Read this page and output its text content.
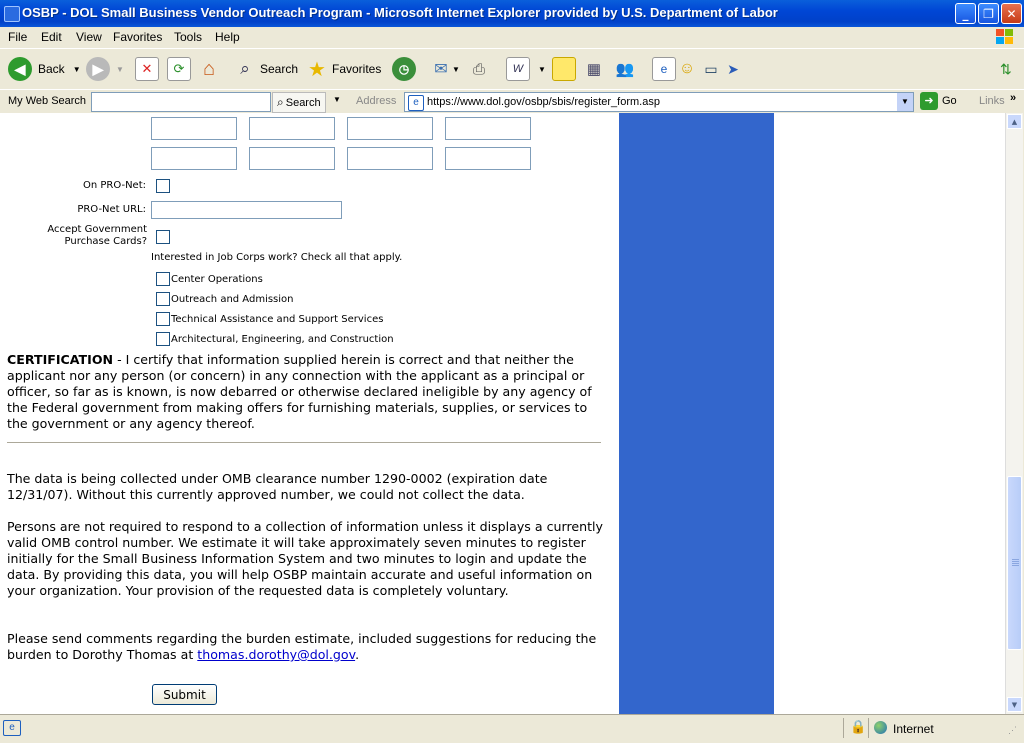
OSBP - DOL Small Business Vendor Outreach Program - Microsoft Internet Explorer provided by U.S. Department of Labor	_	❐	✕
File Edit View Favorites Tools Help
◀	Back ▼ ▶	▼	✕	⟳ ⌂	⌕ Search ★ Favorites	◷	✉ ▼ ⎙	W	▼	▦ 👥	e ☺ ▭ ➤	⇅
My Web Search	⌕ Search ▼ Address	e https://www.dol.gov/osbp/sbis/register_form.asp	▼	➜ Go Links »
On PRO-Net:
PRO-Net URL:
Accept Government
Purchase Cards?
Interested in Job Corps work? Check all that apply.
Center Operations
Outreach and Admission
Technical Assistance and Support Services
Architectural, Engineering, and Construction
CERTIFICATION - I certify that information supplied herein is correct and that neither the applicant nor any person (or concern) in any connection with the applicant as a principal or officer, so far as is known, is now debarred or otherwise declared ineligible by any agency of the Federal government from making offers for furnishing materials, supplies, or services to the government or any agency thereof.
The data is being collected under OMB clearance number 1290-0002 (expiration date 12/31/07). Without this currently approved number, we could not collect the data.
Persons are not required to respond to a collection of information unless it displays a currently valid OMB control number. We estimate it will take approximately seven minutes to register initially for the Small Business Information System and two minutes to login and update the data. By providing this data, you will help OSBP maintain accurate and useful information on your organization. Your provision of the requested data is completely voluntary.
Please send comments regarding the burden estimate, included suggestions for reducing the burden to Dorothy Thomas at thomas.dorothy@dol.gov.
Submit
▲
▼
e	🔒 Internet	⋰
